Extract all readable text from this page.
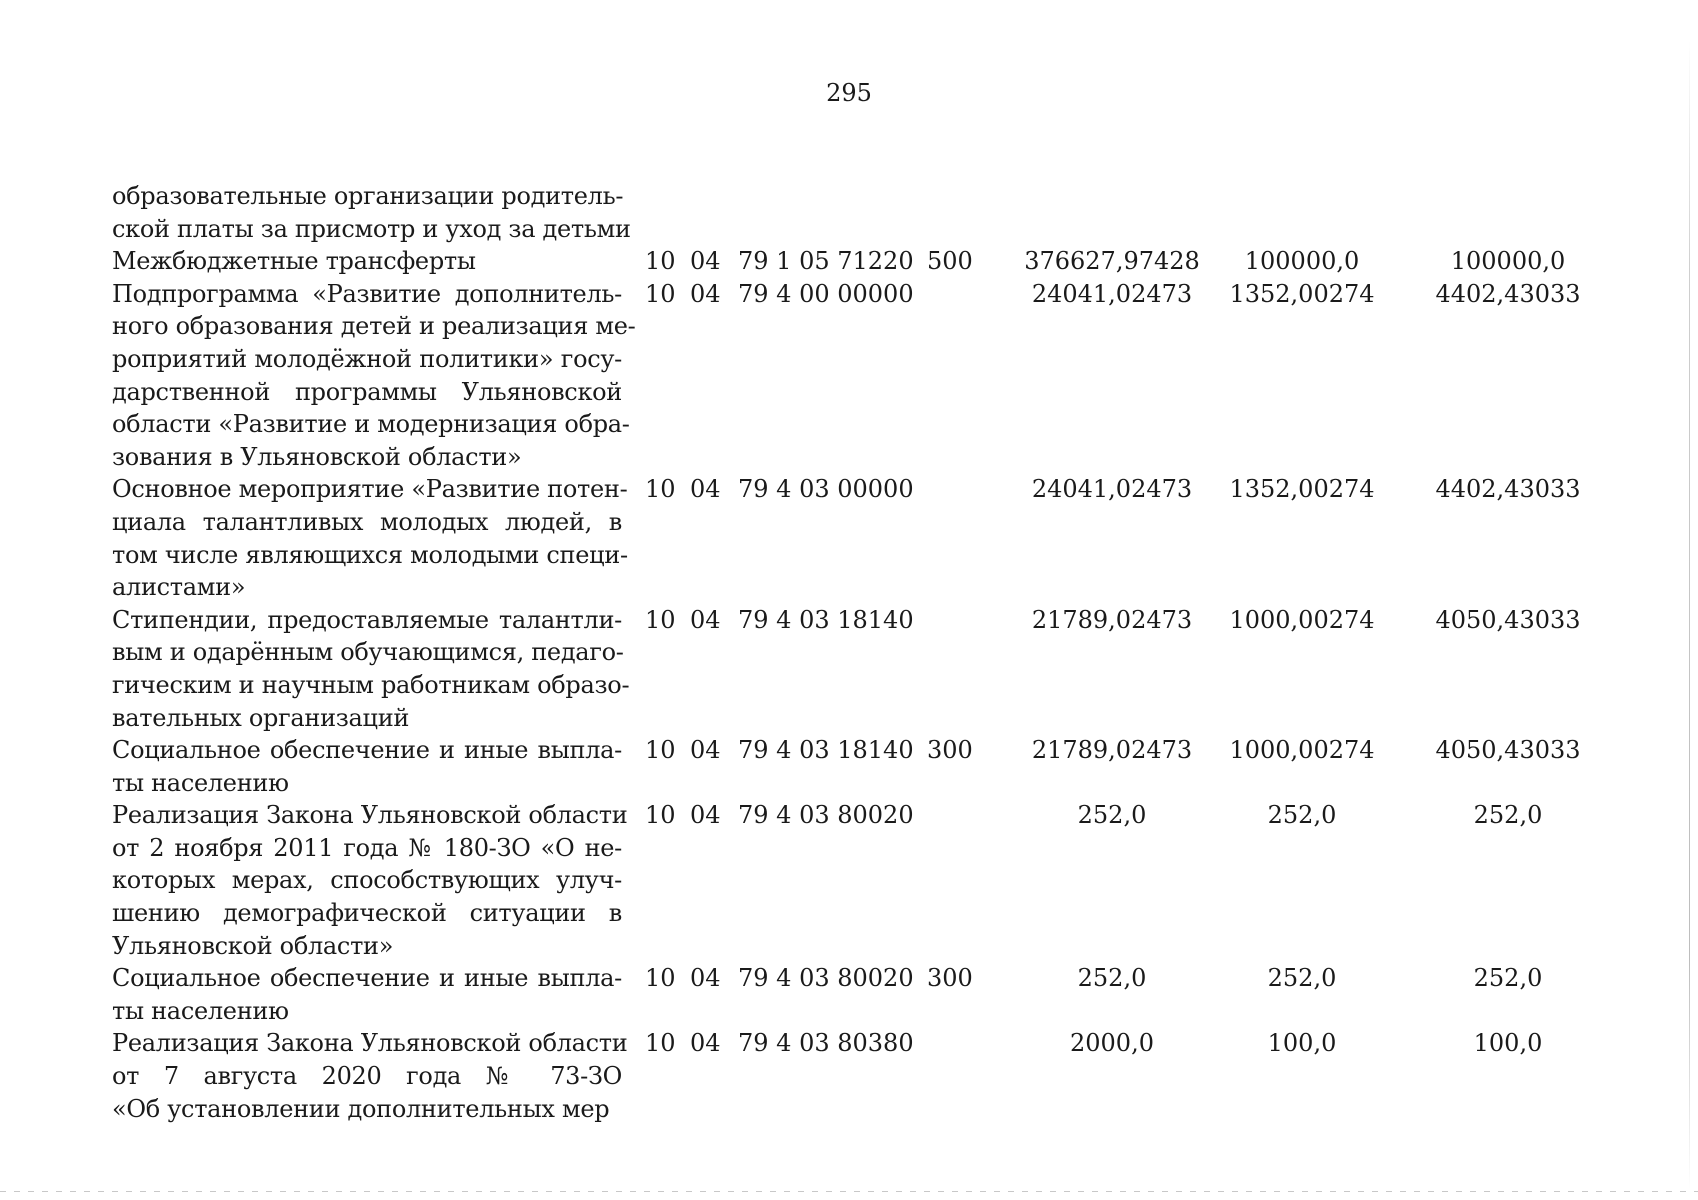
295
образовательные организации родитель-
ской платы за присмотр и уход за детьми
Межбюджетные трансферты	10 04 79 1 05 71220 500	376627,97428	100000,0	100000,0
Подпрограмма «Развитие дополнитель-
ного образования детей и реализация ме-
роприятий молодёжной политики» госу-
дарственной программы Ульяновской
области «Развитие и модернизация обра-
зования в Ульяновской области»
10 04 79 4 00 00000	24041,02473	1352,00274	4402,43033
Основное мероприятие «Развитие потен-
циала талантливых молодых людей, в
том числе являющихся молодыми специ-
алистами»
10 04 79 4 03 00000	24041,02473	1352,00274	4402,43033
Стипендии, предоставляемые талантли-
вым и одарённым обучающимся, педаго-
гическим и научным работникам образо-
вательных организаций
10 04 79 4 03 18140	21789,02473	1000,00274	4050,43033
Социальное обеспечение и иные выпла-
ты населению
10 04 79 4 03 18140 300	21789,02473	1000,00274	4050,43033
Реализация Закона Ульяновской области
от 2 ноября 2011 года № 180-ЗО «О не-
которых мерах, способствующих улуч-
шению демографической ситуации в
Ульяновской области»
10 04 79 4 03 80020	252,0	252,0	252,0
Социальное обеспечение и иные выпла-
ты населению
10 04 79 4 03 80020 300	252,0	252,0	252,0
Реализация Закона Ульяновской области
от 7 августа 2020 года № 73-ЗО
«Об установлении дополнительных мер
10 04 79 4 03 80380	2000,0	100,0	100,0
